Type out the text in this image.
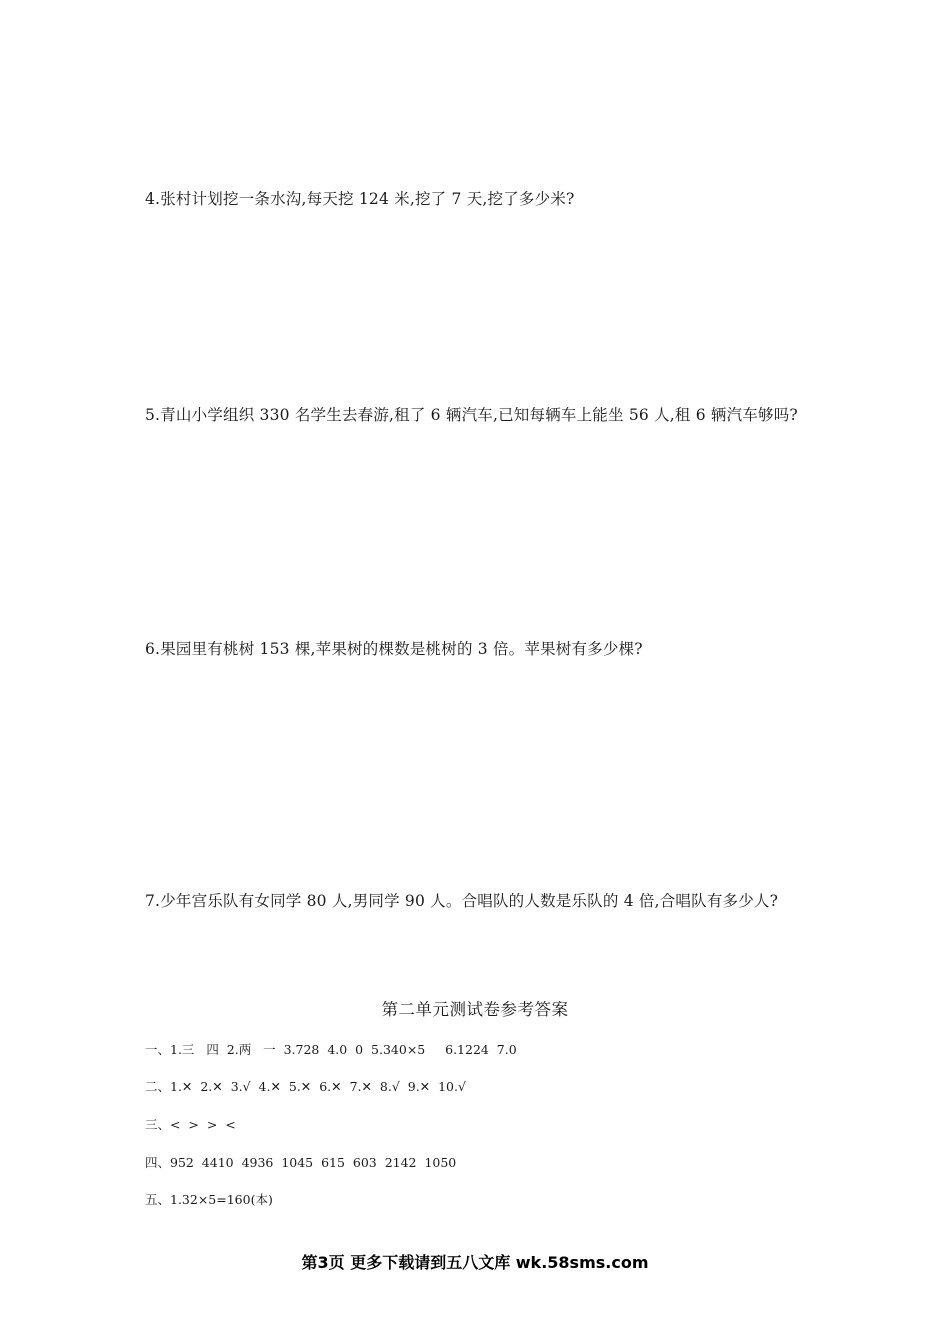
4.张村计划挖一条水沟,每天挖 124 米,挖了 7 天,挖了多少米?
5.青山小学组织 330 名学生去春游,租了 6 辆汽车,已知每辆车上能坐 56 人,租 6 辆汽车够吗?
6.果园里有桃树 153 棵,苹果树的棵数是桃树的 3 倍。苹果树有多少棵?
7.少年宫乐队有女同学 80 人,男同学 90 人。合唱队的人数是乐队的 4 倍,合唱队有多少人?
第二单元测试卷参考答案
一、1.三   四  2.两   一  3.728  4.0  0  5.340×5     6.1224  7.0
二、1.✕  2.✕  3.√  4.✕  5.✕  6.✕  7.✕  8.√  9.✕  10.√
三、<  >  >  <
四、952  4410  4936  1045  615  603  2142  1050
五、1.32×5=160(本)
第3页 更多下载请到五八文库 wk.58sms.com
